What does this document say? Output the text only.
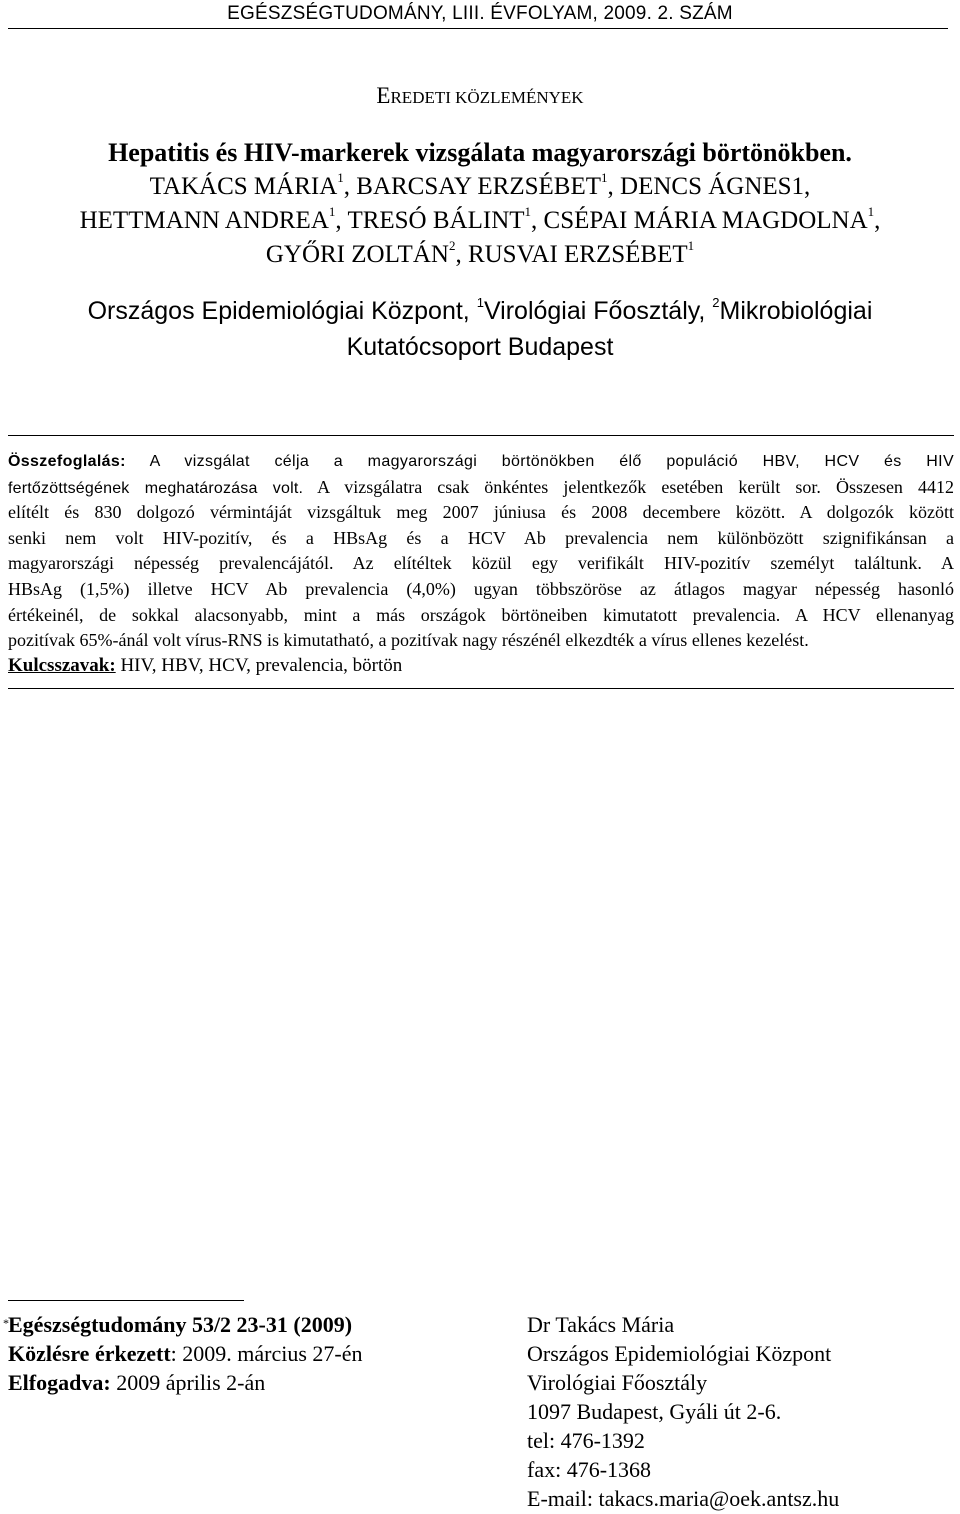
EGÉSZSÉGTUDOMÁNY, LIII. ÉVFOLYAM, 2009. 2. SZÁM
EREDETI KÖZLEMÉNYEK
Hepatitis és HIV-markerek vizsgálata magyarországi börtönökben.
TAKÁCS MÁRIA$^1$, BARCSAY ERZSÉBET$^1$, DENCS ÁGNES1,
HETTMANN ANDREA$^1$, TRESÓ BÁLINT$^1$, CSÉPAI MÁRIA MAGDOLNA$^1$,
GYŐRI ZOLTÁN$^2$, RUSVAI ERZSÉBET$^1$
Országos Epidemiológiai Központ, $^1$Virológiai Főosztály, $^2$Mikrobiológiai
Kutatócsoport Budapest
Összefoglalás: A vizsgálat célja a magyarországi börtönökben élő populáció HBV, HCV és HIV
fertőzöttségének meghatározása volt. A vizsgálatra csak önkéntes jelentkezők esetében került sor. Összesen 4412
elítélt és 830 dolgozó vérmintáját vizsgáltuk meg 2007 júniusa és 2008 decembere között. A dolgozók között
senki nem volt HIV-pozitív, és a HBsAg és a HCV Ab prevalencia nem különbözött szignifikánsan a
magyarországi népesség prevalencájától. Az elítéltek közül egy verifikált HIV-pozitív személyt találtunk. A
HBsAg (1,5%) illetve HCV Ab prevalencia (4,0%) ugyan többszöröse az átlagos magyar népesség hasonló
értékeinél, de sokkal alacsonyabb, mint a más országok börtöneiben kimutatott prevalencia. A HCV ellenanyag
pozitívak 65%-ánál volt vírus-RNS is kimutatható, a pozitívak nagy részénél elkezdték a vírus ellenes kezelést.
Kulcsszavak: HIV, HBV, HCV, prevalencia, börtön
* Egészségtudomány 53/2 23-31 (2009)
Közlésre érkezett: 2009. március 27-én
Elfogadva: 2009 április 2-án
Dr Takács Mária
Országos Epidemiológiai Központ
Virológiai Főosztály
1097 Budapest, Gyáli út 2-6.
tel: 476-1392
fax: 476-1368
E-mail: takacs.maria@oek.antsz.hu
